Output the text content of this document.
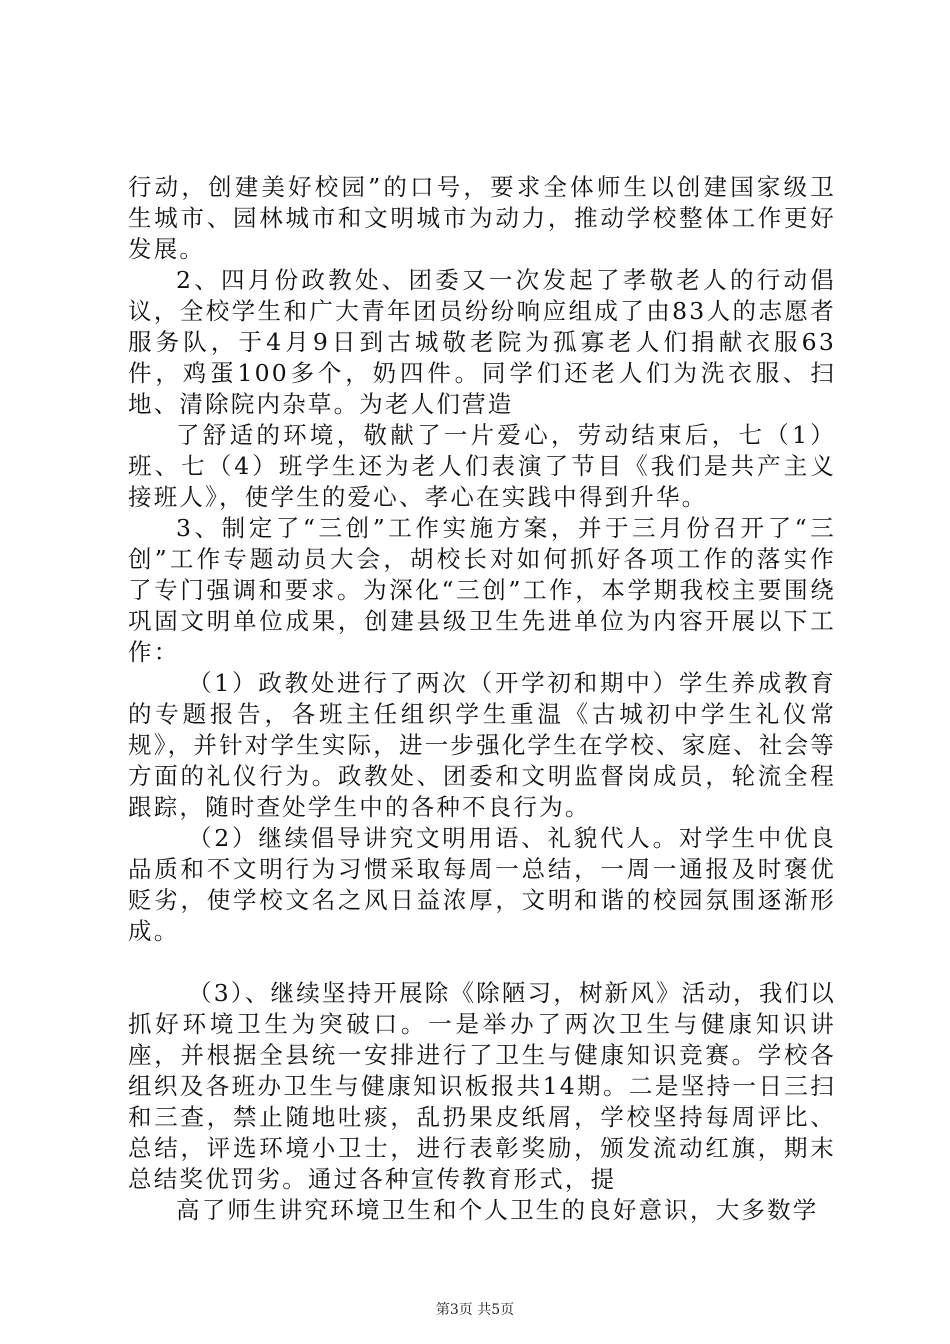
行动，创建美好校园”的口号，要求全体师生以创建国家级卫生城市、园林城市和文明城市为动力，推动学校整体工作更好发展。

2、四月份政教处、团委又一次发起了孝敬老人的行动倡议，全校学生和广大青年团员纷纷响应组成了由83人的志愿者服务队，于4月9日到古城敬老院为孤寡老人们捐献衣服63件，鸡蛋100多个，奶四件。同学们还老人们为洗衣服、扫地、清除院内杂草。为老人们营造

了舒适的环境，敬献了一片爱心，劳动结束后，七（1）班、七（4）班学生还为老人们表演了节目《我们是共产主义接班人》，使学生的爱心、孝心在实践中得到升华。

3、制定了“三创”工作实施方案，并于三月份召开了“三创”工作专题动员大会，胡校长对如何抓好各项工作的落实作了专门强调和要求。为深化“三创”工作，本学期我校主要围绕巩固文明单位成果，创建县级卫生先进单位为内容开展以下工作：

（1）政教处进行了两次（开学初和期中）学生养成教育的专题报告，各班主任组织学生重温《古城初中学生礼仪常规》，并针对学生实际，进一步强化学生在学校、家庭、社会等方面的礼仪行为。政教处、团委和文明监督岗成员，轮流全程跟踪，随时查处学生中的各种不良行为。

（2）继续倡导讲究文明用语、礼貌代人。对学生中优良品质和不文明行为习惯采取每周一总结，一周一通报及时褒优贬劣，使学校文名之风日益浓厚，文明和谐的校园氛围逐渐形成。

（3）、继续坚持开展除《除陋习，树新风》活动，我们以抓好环境卫生为突破口。一是举办了两次卫生与健康知识讲座，并根据全县统一安排进行了卫生与健康知识竞赛。学校各组织及各班办卫生与健康知识板报共14期。二是坚持一日三扫和三查，禁止随地吐痰，乱扔果皮纸屑，学校坚持每周评比、总结，评选环境小卫士，进行表彰奖励，颁发流动红旗，期末总结奖优罚劣。通过各种宣传教育形式，提

高了师生讲究环境卫生和个人卫生的良好意识，大多数学

第3页 共5页
